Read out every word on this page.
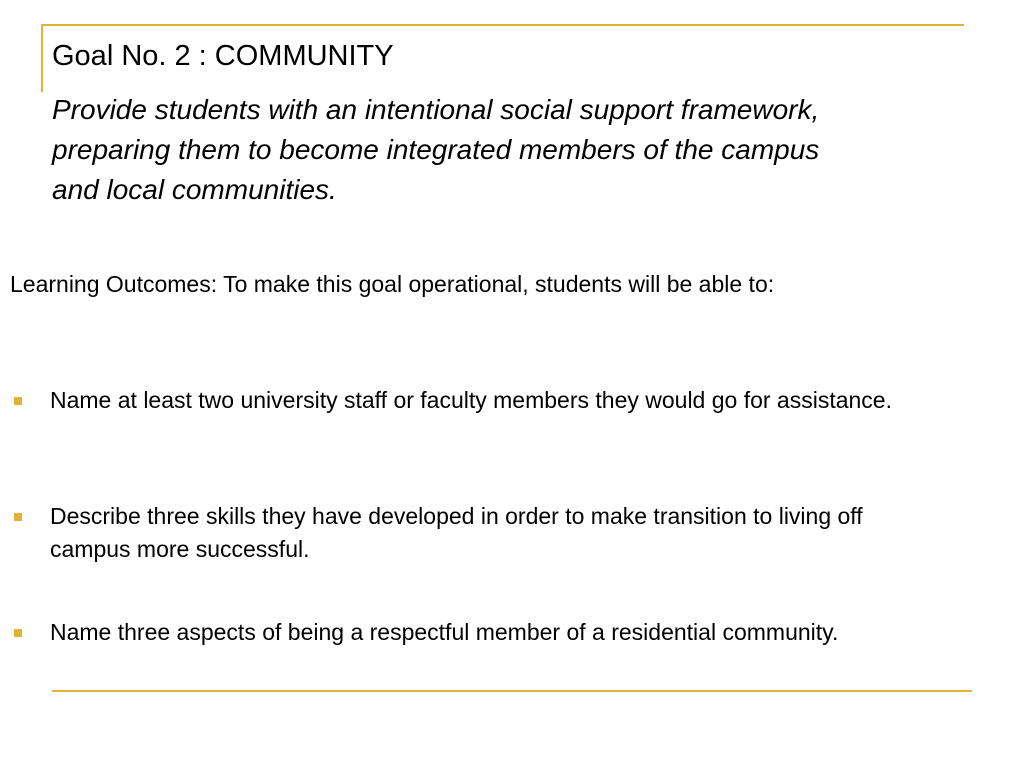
Goal No. 2 : COMMUNITY
Provide students with an intentional social support framework, preparing them to become integrated members of the campus and local communities.
Learning Outcomes: To make this goal operational, students will be able to:
Name at least two university staff or faculty members they would go for assistance.
Describe three skills they have developed in order to make transition to living off campus more successful.
Name three aspects of being a respectful member of a residential community.
